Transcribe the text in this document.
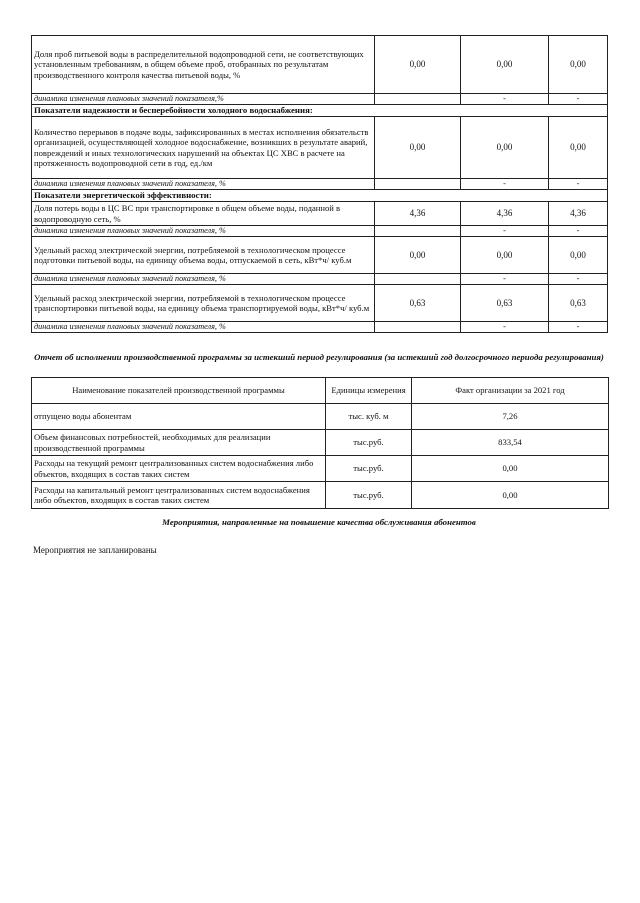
Доля проб питьевой воды в распределительной водопроводной сети, не соответствующих установленным требованиям, в общем объеме проб, отобранных по результатам производственного контроля качества питьевой воды, %	0,00	0,00	0,00
динамика изменения плановых значений показателя,%		-	-
Показатели надежности и бесперебойности холодного водоснабжения:			
Количество перерывов в подаче воды, зафиксированных в местах исполнения обязательств организацией, осуществляющей холодное водоснабжение, возникших в результате аварий, повреждений и иных технологических нарушений на объектах ЦС ХВС в расчете на протяженность водопроводной сети в год, ед./км	0,00	0,00	0,00
динамика изменения плановых значений показателя, %		-	-
Показатели энергетической эффективности:			
Доля потерь воды в ЦС ВС при транспортировке в общем объеме воды, поданной в водопроводную сеть, %	4,36	4,36	4,36
динамика изменения плановых значений показателя, %		-	-
Удельный расход электрической энергии, потребляемой в технологическом процессе подготовки питьевой воды, на единицу объема воды, отпускаемой в сеть, кВт*ч/ куб.м	0,00	0,00	0,00
динамика изменения плановых значений показателя, %		-	-
Удельный расход электрической энергии, потребляемой в технологическом процессе транспортировки питьевой воды, на единицу объема транспортируемой воды, кВт*ч/ куб.м	0,63	0,63	0,63
динамика изменения плановых значений показателя, %		-	-

Отчет об исполнении производственной программы за истекший период регулирования (за истекший год долгосрочного периода регулирования)

Наименование показателей производственной программы	Единицы измерения	Факт организации за 2021 год
отпущено воды абонентам	тыс. куб. м	7,26
Объем финансовых потребностей, необходимых для реализации производственной программы	тыс.руб.	833,54
Расходы на текущий ремонт централизованных систем водоснабжения либо объектов, входящих в состав таких систем	тыс.руб.	0,00
Расходы на капитальный ремонт централизованных систем водоснабжения либо объектов, входящих в состав таких систем	тыс.руб.	0,00

Мероприятия, направленные на повышение качества обслуживания абонентов

Мероприятия не запланированы
